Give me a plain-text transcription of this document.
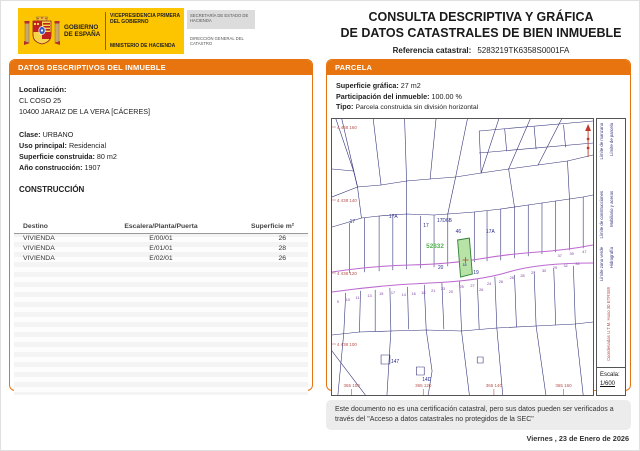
GOBIERNO DE ESPAÑA
VICEPRESIDENCIA PRIMERA DEL GOBIERNO
MINISTERIO DE HACIENDA
SECRETARÍA DE ESTADO DE HACIENDA
DIRECCIÓN GENERAL DEL CATASTRO
CONSULTA DESCRIPTIVA Y GRÁFICA
DE DATOS CATASTRALES DE BIEN INMUEBLE
Referencia catastral: 5283219TK6358S0001FA
DATOS DESCRIPTIVOS DEL INMUEBLE
Localización:
CL COSO 25
10400 JARAIZ DE LA VERA [CÁCERES]
Clase: URBANO
Uso principal: Residencial
Superficie construida: 80 m2
Año construcción: 1907
CONSTRUCCIÓN
Destino	Escalera/Planta/Puerta	Superficie m²
VIVIENDA	E/00/01	26
VIVIENDA	E/01/01	28
VIVIENDA	E/02/01	26
PARCELA
Superficie gráfica: 27 m2
Participación del inmueble: 100.00 %
Tipo: Parcela construida sin división horizontal
4 438 160
4 438 140
4 438 120
4 438 100
365 100	365 120	365 140	365 160
17
17A
17
17D6B
46	17A
20
19
147
14D
18
52832
9 10 11 13 15 17 14 16 18 21 23
20
25 27
26
24 26
25 28
27 30
29 32 34
37 39 47
Límite de manzana Límite de parcela
Límite de construcciones Mobiliario y aceras
Límite zona verde Hidrografía
Coordenadas U.T.M. Huso 30 ETRS89
Escala:
1/600
Este documento no es una certificación catastral, pero sus datos pueden ser verificados a través del "Acceso a datos catastrales no protegidos de la SEC"
Viernes , 23 de Enero de 2026
